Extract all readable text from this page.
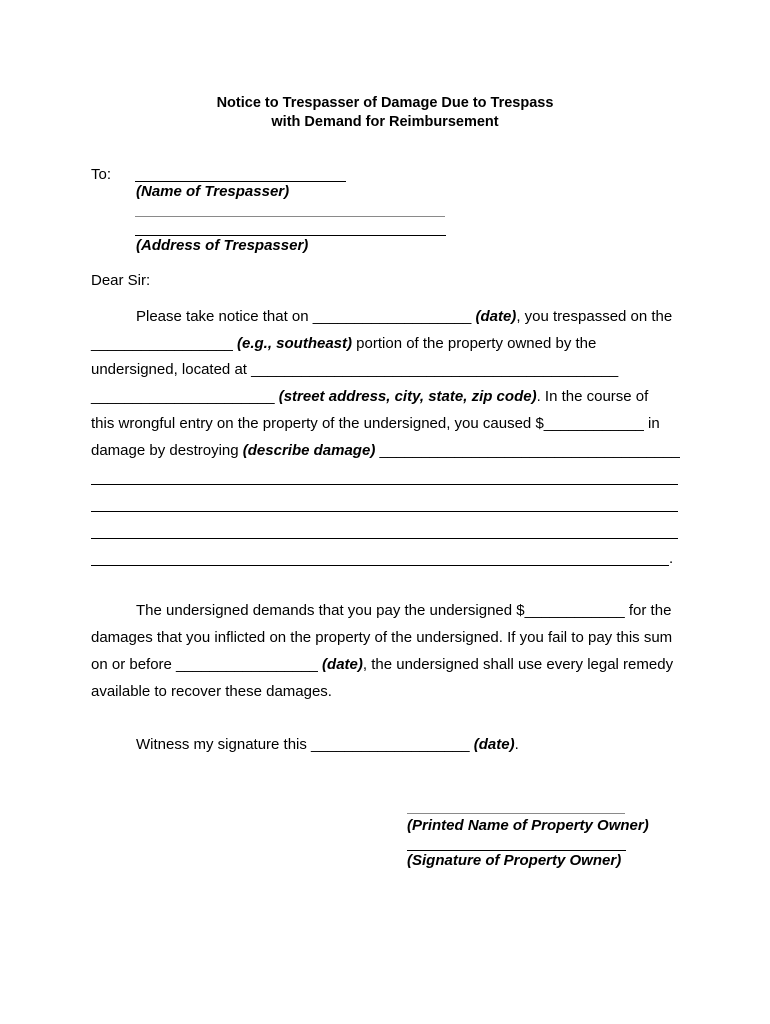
Notice to Trespasser of Damage Due to Trespass
with Demand for Reimbursement
To:
(Name of Trespasser)
(Address of Trespasser)
Dear Sir:
Please take notice that on ___________________ (date), you trespassed on the
_________________ (e.g., southeast) portion of the property owned by the
undersigned, located at ____________________________________________
______________________ (street address, city, state, zip code). In the course of
this wrongful entry on the property of the undersigned, you caused $____________ in
damage by destroying (describe damage) ____________________________________
.
The undersigned demands that you pay the undersigned $____________ for the
damages that you inflicted on the property of the undersigned. If you fail to pay this sum
on or before _________________ (date), the undersigned shall use every legal remedy
available to recover these damages.
Witness my signature this ___________________ (date).
(Printed Name of Property Owner)
(Signature of Property Owner)
